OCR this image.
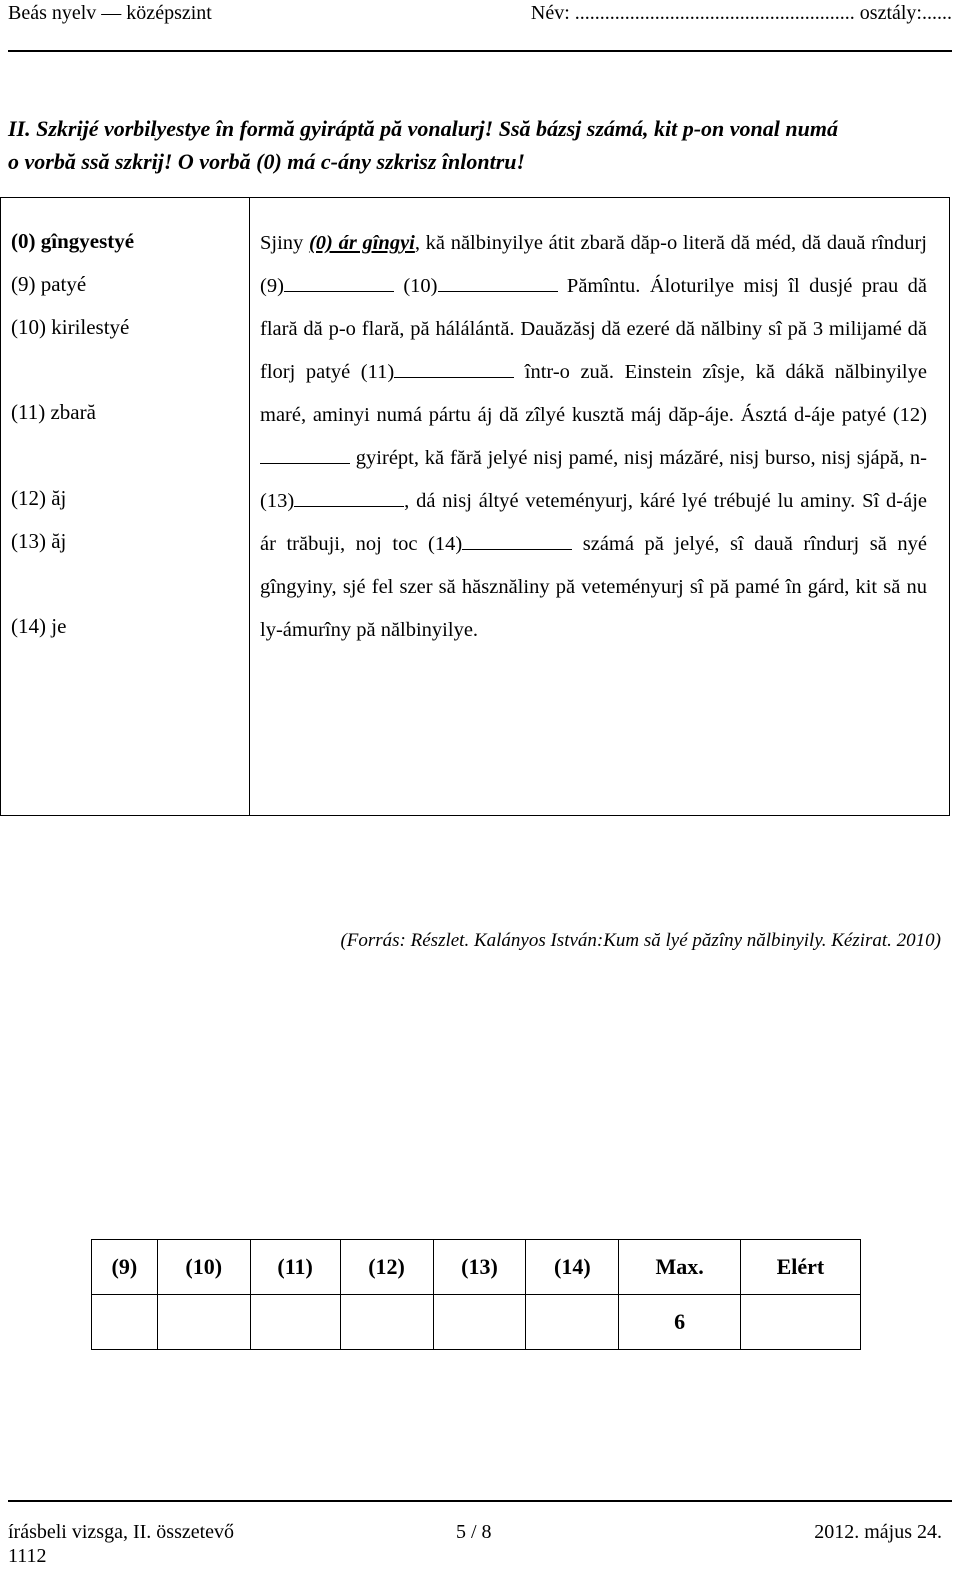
Beás nyelv — középszint	Név: ........................................................ osztály:......
II. Szkrijé vorbilyestye în formă gyiráptă pă vonalurj! Ssă bázsj számá, kit p-on vonal numá
o vorbă ssă szkrij! O vorbă (0) má c-ány szkrisz înlontru!
(0) gîngyestyé
(9) patyé
(10) kirilestyé
(11) zbară
(12) ăj
(13) ăj
(14) je
Sjiny (0) ár gîngyi, kă nălbinyilye átit zbară dăp-o literă dă méd, dă dauă rîndurj (9)	(10)	Pămîntu. Áloturilye misj îl dusjé prau dă flară dă p-o flară, pă hálálántă. Dauăzăsj dă ezeré dă nălbiny sî pă 3 milijamé dă florj patyé (11)	într-o zuă. Einstein zîsje, kă dákă nălbinyilye maré, aminyi numá pártu áj dă zîlyé kusztă máj dăp-áje. Ásztá d-áje patyé (12) gyirépt, kă fără jelyé nisj pamé, nisj mázăré, nisj burso, nisj sjápă, n-(13)	, dá nisj áltyé veteményurj, káré lyé trébujé lu aminy. Sî d-áje ár trăbuji, noj toc (14)	számá pă jelyé, sî dauă rîndurj să nyé gîngyiny, sjé fel szer să hăsznăliny pă veteményurj sî pă pamé în gárd, kit să nu ly-ámurîny pă nălbinyilye.
(Forrás: Részlet. Kalányos István:Kum să lyé păzîny nălbinyily. Kézirat. 2010)
(9)	(10)	(11)	(12)	(13)	(14)	Max.	Elért
						6	
írásbeli vizsga, II. összetevő
1112
5 / 8	2012. május 24.
